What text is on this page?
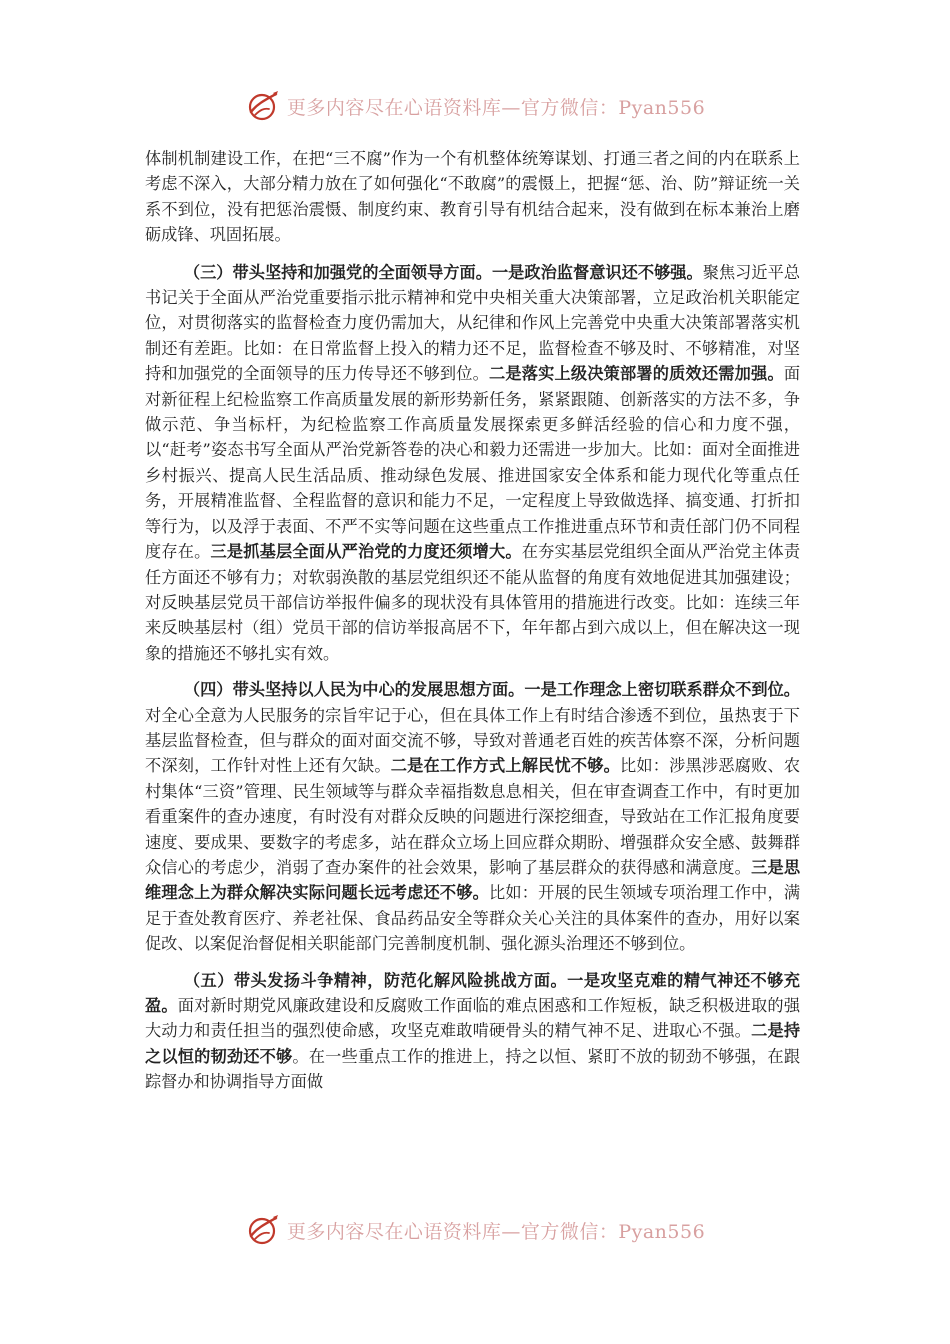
更多内容尽在心语资料库—官方微信：Pyan556

体制机制建设工作，在把“三不腐”作为一个有机整体统筹谋划、打通三者之间的内在联系上考虑不深入，大部分精力放在了如何强化“不敢腐”的震慑上，把握“惩、治、防”辩证统一关系不到位，没有把惩治震慑、制度约束、教育引导有机结合起来，没有做到在标本兼治上磨砺成锋、巩固拓展。

（三）带头坚持和加强党的全面领导方面。一是政治监督意识还不够强。聚焦习近平总书记关于全面从严治党重要指示批示精神和党中央相关重大决策部署，立足政治机关职能定位，对贯彻落实的监督检查力度仍需加大，从纪律和作风上完善党中央重大决策部署落实机制还有差距。比如：在日常监督上投入的精力还不足，监督检查不够及时、不够精准，对坚持和加强党的全面领导的压力传导还不够到位。二是落实上级决策部署的质效还需加强。面对新征程上纪检监察工作高质量发展的新形势新任务，紧紧跟随、创新落实的方法不多，争做示范、争当标杆，为纪检监察工作高质量发展探索更多鲜活经验的信心和力度不强，以“赶考”姿态书写全面从严治党新答卷的决心和毅力还需进一步加大。比如：面对全面推进乡村振兴、提高人民生活品质、推动绿色发展、推进国家安全体系和能力现代化等重点任务，开展精准监督、全程监督的意识和能力不足，一定程度上导致做选择、搞变通、打折扣等行为，以及浮于表面、不严不实等问题在这些重点工作推进重点环节和责任部门仍不同程度存在。三是抓基层全面从严治党的力度还须增大。在夯实基层党组织全面从严治党主体责任方面还不够有力；对软弱涣散的基层党组织还不能从监督的角度有效地促进其加强建设；对反映基层党员干部信访举报件偏多的现状没有具体管用的措施进行改变。比如：连续三年来反映基层村（组）党员干部的信访举报高居不下，年年都占到六成以上，但在解决这一现象的措施还不够扎实有效。

（四）带头坚持以人民为中心的发展思想方面。一是工作理念上密切联系群众不到位。对全心全意为人民服务的宗旨牢记于心，但在具体工作上有时结合渗透不到位，虽热衷于下基层监督检查，但与群众的面对面交流不够，导致对普通老百姓的疾苦体察不深，分析问题不深刻，工作针对性上还有欠缺。二是在工作方式上解民忧不够。比如：涉黑涉恶腐败、农村集体“三资”管理、民生领域等与群众幸福指数息息相关，但在审查调查工作中，有时更加看重案件的查办速度，有时没有对群众反映的问题进行深挖细查，导致站在工作汇报角度要速度、要成果、要数字的考虑多，站在群众立场上回应群众期盼、增强群众安全感、鼓舞群众信心的考虑少，消弱了查办案件的社会效果，影响了基层群众的获得感和满意度。三是思维理念上为群众解决实际问题长远考虑还不够。比如：开展的民生领域专项治理工作中，满足于查处教育医疗、养老社保、食品药品安全等群众关心关注的具体案件的查办，用好以案促改、以案促治督促相关职能部门完善制度机制、强化源头治理还不够到位。

（五）带头发扬斗争精神，防范化解风险挑战方面。一是攻坚克难的精气神还不够充盈。面对新时期党风廉政建设和反腐败工作面临的难点困惑和工作短板，缺乏积极进取的强大动力和责任担当的强烈使命感，攻坚克难敢啃硬骨头的精气神不足、进取心不强。二是持之以恒的韧劲还不够。在一些重点工作的推进上，持之以恒、紧盯不放的韧劲不够强，在跟踪督办和协调指导方面做

更多内容尽在心语资料库—官方微信：Pyan556
